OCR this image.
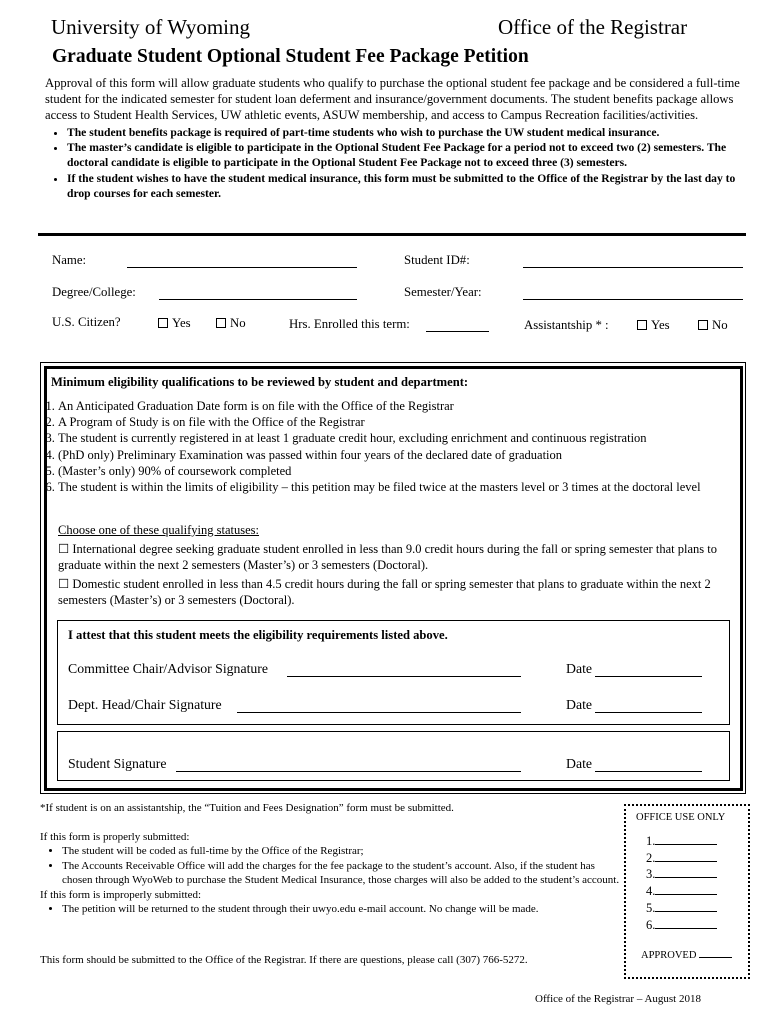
University of Wyoming	Office of the Registrar
Graduate Student Optional Student Fee Package Petition
Approval of this form will allow graduate students who qualify to purchase the optional student fee package and be considered a full-time student for the indicated semester for student loan deferment and insurance/government documents. The student benefits package allows access to Student Health Services, UW athletic events, ASUW membership, and access to Campus Recreation facilities/activities.
• The student benefits package is required of part-time students who wish to purchase the UW student medical insurance.
• The master’s candidate is eligible to participate in the Optional Student Fee Package for a period not to exceed two (2) semesters. The doctoral candidate is eligible to participate in the Optional Student Fee Package not to exceed three (3) semesters.
• If the student wishes to have the student medical insurance, this form must be submitted to the Office of the Registrar by the last day to drop courses for each semester.
Name:	Student ID#:
Degree/College:	Semester/Year:
U.S. Citizen?	Yes	No	Hrs. Enrolled this term:	Assistantship * :	Yes	No
Minimum eligibility qualifications to be reviewed by student and department:
1. An Anticipated Graduation Date form is on file with the Office of the Registrar
2. A Program of Study is on file with the Office of the Registrar
3. The student is currently registered in at least 1 graduate credit hour, excluding enrichment and continuous registration
4. (PhD only) Preliminary Examination was passed within four years of the declared date of graduation
5. (Master’s only) 90% of coursework completed
6. The student is within the limits of eligibility – this petition may be filed twice at the masters level or 3 times at the doctoral level
Choose one of these qualifying statuses:
☐ International degree seeking graduate student enrolled in less than 9.0 credit hours during the fall or spring semester that plans to graduate within the next 2 semesters (Master’s) or 3 semesters (Doctoral).
☐ Domestic student enrolled in less than 4.5 credit hours during the fall or spring semester that plans to graduate within the next 2 semesters (Master’s) or 3 semesters (Doctoral).
I attest that this student meets the eligibility requirements listed above.
Committee Chair/Advisor Signature	Date
Dept. Head/Chair Signature	Date
Student Signature	Date
*If student is on an assistantship, the “Tuition and Fees Designation” form must be submitted.
If this form is properly submitted:
• The student will be coded as full-time by the Office of the Registrar;
• The Accounts Receivable Office will add the charges for the fee package to the student’s account. Also, if the student has chosen through WyoWeb to purchase the Student Medical Insurance, those charges will also be added to the student’s account.
If this form is improperly submitted:
• The petition will be returned to the student through their uwyo.edu e-mail account. No change will be made.
This form should be submitted to the Office of the Registrar. If there are questions, please call (307) 766-5272.
Office of the Registrar – August 2018
OFFICE USE ONLY
1.
2.
3.
4.
5.
6.
APPROVED
